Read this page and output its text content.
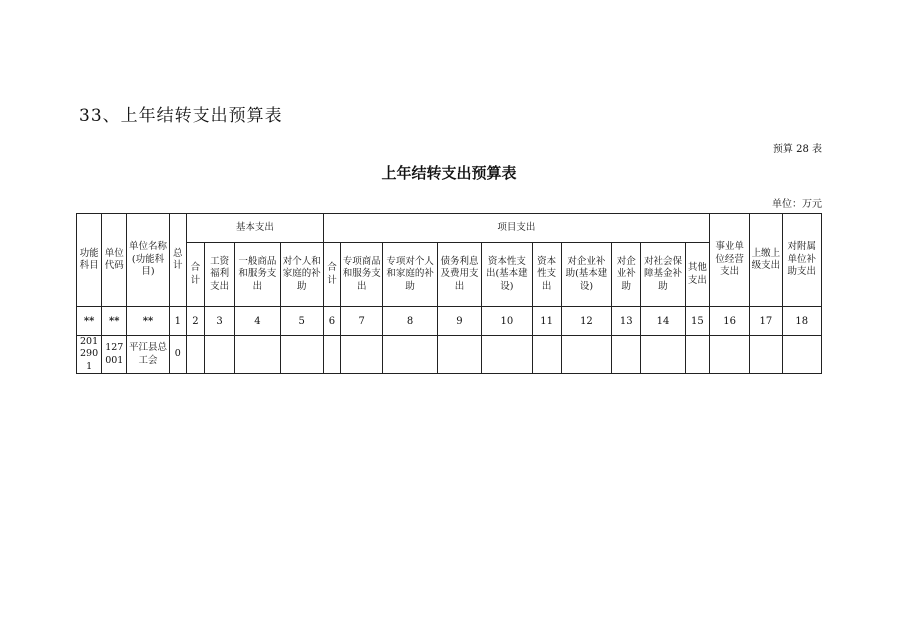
33、上年结转支出预算表
预算 28 表
上年结转支出预算表
单位：万元
功能科目	单位代码	单位名称(功能科目)	总计	基本支出				项目支出										事业单位经营支出	上缴上级支出	对附属单位补助支出
				合计	工资福利支出	一般商品和服务支出	对个人和家庭的补助	合计	专项商品和服务支出	专项对个人和家庭的补助	债务利息及费用支出	资本性支出(基本建设)	资本性支出	对企业补助(基本建设)	对企业补助	对社会保障基金补助	其他支出			
**	**	**	1	2	3	4	5	6	7	8	9	10	11	12	13	14	15	16	17	18
2012901	127001	平江县总工会	0																	
